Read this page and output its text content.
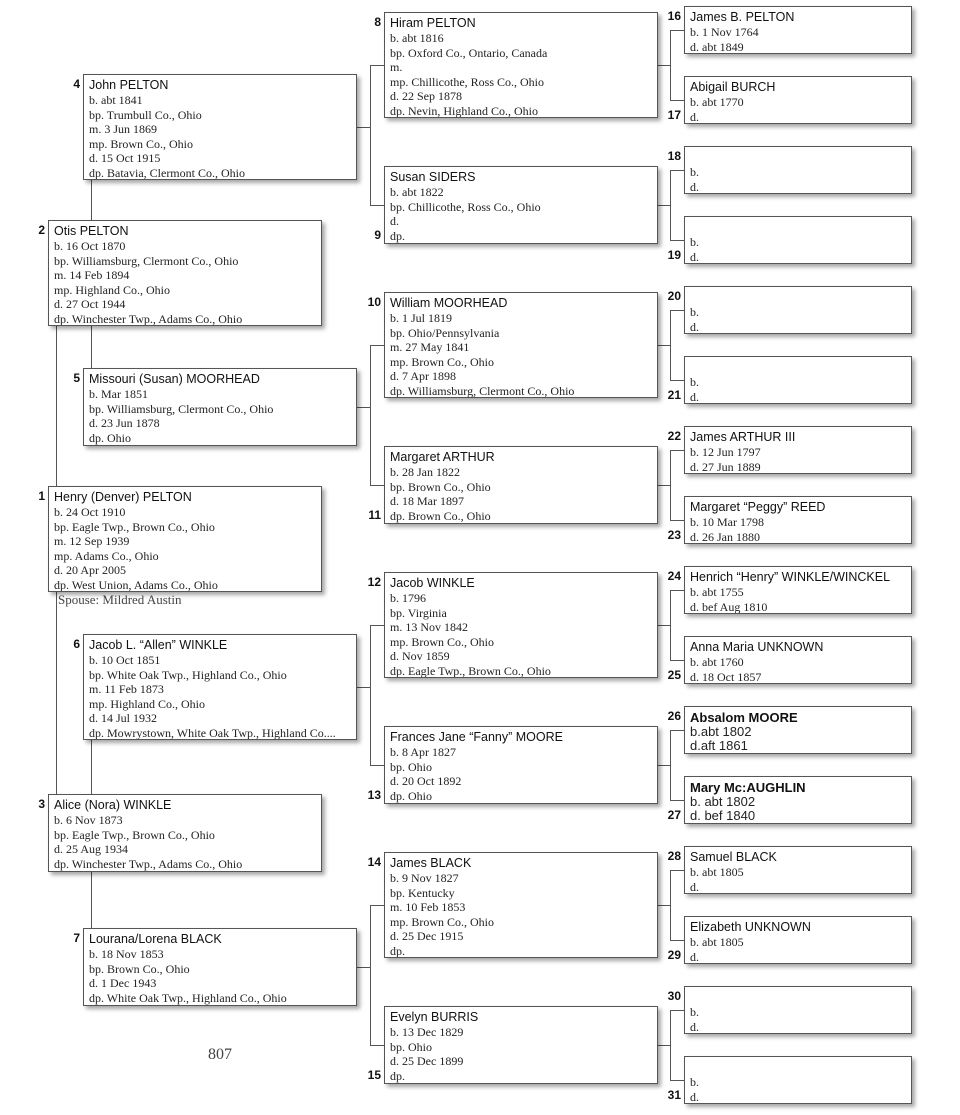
Henry (Denver) PELTON
b. 24 Oct 1910
bp. Eagle Twp., Brown Co., Ohio
m. 12 Sep 1939
mp. Adams Co., Ohio
d. 20 Apr 2005
dp. West Union, Adams Co., Ohio
1
Otis PELTON
b. 16 Oct 1870
bp. Williamsburg, Clermont Co., Ohio
m. 14 Feb 1894
mp. Highland Co., Ohio
d. 27 Oct 1944
dp. Winchester Twp., Adams Co., Ohio
2
Alice (Nora) WINKLE
b. 6 Nov 1873
bp. Eagle Twp., Brown Co., Ohio
d. 25 Aug 1934
dp. Winchester Twp., Adams Co., Ohio
3
John PELTON
b. abt 1841
bp. Trumbull Co., Ohio
m. 3 Jun 1869
mp. Brown Co., Ohio
d. 15 Oct 1915
dp. Batavia, Clermont Co., Ohio
4
Missouri (Susan) MOORHEAD
b. Mar 1851
bp. Williamsburg, Clermont Co., Ohio
d. 23 Jun 1878
dp. Ohio
5
Jacob L. “Allen” WINKLE
b. 10 Oct 1851
bp. White Oak Twp., Highland Co., Ohio
m. 11 Feb 1873
mp. Highland Co., Ohio
d. 14 Jul 1932
dp. Mowrystown, White Oak Twp., Highland Co....
6
Lourana/Lorena BLACK
b. 18 Nov 1853
bp. Brown Co., Ohio
d. 1 Dec 1943
dp. White Oak Twp., Highland Co., Ohio
7
Hiram PELTON
b. abt 1816
bp. Oxford Co., Ontario, Canada
m.
mp. Chillicothe, Ross Co., Ohio
d. 22 Sep 1878
dp. Nevin, Highland Co., Ohio
8
Susan SIDERS
b. abt 1822
bp. Chillicothe, Ross Co., Ohio
d.
dp.
9
William MOORHEAD
b. 1 Jul 1819
bp. Ohio/Pennsylvania
m. 27 May 1841
mp. Brown Co., Ohio
d. 7 Apr 1898
dp. Williamsburg, Clermont Co., Ohio
10
Margaret ARTHUR
b. 28 Jan 1822
bp. Brown Co., Ohio
d. 18 Mar 1897
dp. Brown Co., Ohio
11
Jacob WINKLE
b. 1796
bp. Virginia
m. 13 Nov 1842
mp. Brown Co., Ohio
d. Nov 1859
dp. Eagle Twp., Brown Co., Ohio
12
Frances Jane “Fanny” MOORE
b. 8 Apr 1827
bp. Ohio
d. 20 Oct 1892
dp. Ohio
13
James BLACK
b. 9 Nov 1827
bp. Kentucky
m. 10 Feb 1853
mp. Brown Co., Ohio
d. 25 Dec 1915
dp.
14
Evelyn BURRIS
b. 13 Dec 1829
bp. Ohio
d. 25 Dec 1899
dp.
15
James B. PELTON
b. 1 Nov 1764
d. abt 1849
16
Abigail BURCH
b. abt 1770
d.
17

b.
d.
18

b.
d.
19

b.
d.
20

b.
d.
21
James ARTHUR III
b. 12 Jun 1797
d. 27 Jun 1889
22
Margaret “Peggy” REED
b. 10 Mar 1798
d. 26 Jan 1880
23
Henrich “Henry” WINKLE/WINCKEL
b. abt 1755
d. bef Aug 1810
24
Anna Maria UNKNOWN
b. abt 1760
d. 18 Oct 1857
25
Absalom MOORE
b.abt 1802
d.aft 1861
26
Mary Mc:AUGHLIN
b. abt 1802
d. bef 1840
27
Samuel BLACK
b. abt 1805
d.
28
Elizabeth UNKNOWN
b. abt 1805
d.
29

b.
d.
30

b.
d.
31
Spouse: Mildred Austin
807
